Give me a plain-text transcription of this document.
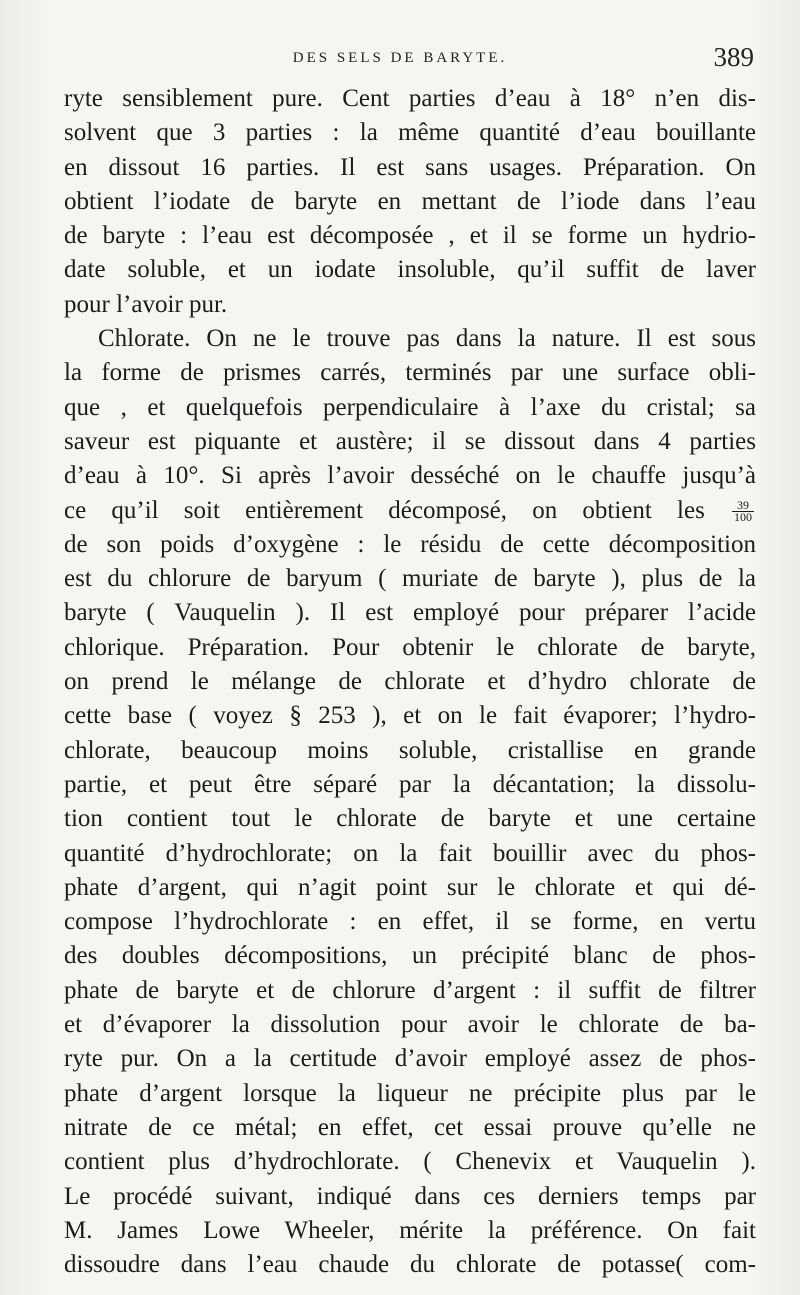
DES SELS DE BARYTE.	389
ryte sensiblement pure. Cent parties d’eau à 18° n’en dis-
solvent que 3 parties : la même quantité d’eau bouillante
en dissout 16 parties. Il est sans usages. Préparation. On
obtient l’iodate de baryte en mettant de l’iode dans l’eau
de baryte : l’eau est décomposée , et il se forme un hydrio-
date soluble, et un iodate insoluble, qu’il suffit de laver
pour l’avoir pur.
Chlorate. On ne le trouve pas dans la nature. Il est sous
la forme de prismes carrés, terminés par une surface obli-
que , et quelquefois perpendiculaire à l’axe du cristal; sa
saveur est piquante et austère; il se dissout dans 4 parties
d’eau à 10°. Si après l’avoir desséché on le chauffe jusqu’à
ce qu’il soit entièrement décomposé, on obtient les $\frac{39}{100}$
de son poids d’oxygène : le résidu de cette décomposition
est du chlorure de baryum ( muriate de baryte ), plus de la
baryte ( Vauquelin ). Il est employé pour préparer l’acide
chlorique. Préparation. Pour obtenir le chlorate de baryte,
on prend le mélange de chlorate et d’hydro chlorate de
cette base ( voyez § 253 ), et on le fait évaporer; l’hydro-
chlorate, beaucoup moins soluble, cristallise en grande
partie, et peut être séparé par la décantation; la dissolu-
tion contient tout le chlorate de baryte et une certaine
quantité d’hydrochlorate; on la fait bouillir avec du phos-
phate d’argent, qui n’agit point sur le chlorate et qui dé-
compose l’hydrochlorate : en effet, il se forme, en vertu
des doubles décompositions, un précipité blanc de phos-
phate de baryte et de chlorure d’argent : il suffit de filtrer
et d’évaporer la dissolution pour avoir le chlorate de ba-
ryte pur. On a la certitude d’avoir employé assez de phos-
phate d’argent lorsque la liqueur ne précipite plus par le
nitrate de ce métal; en effet, cet essai prouve qu’elle ne
contient plus d’hydrochlorate. ( Chenevix et Vauquelin ).
Le procédé suivant, indiqué dans ces derniers temps par
M. James Lowe Wheeler, mérite la préférence. On fait
dissoudre dans l’eau chaude du chlorate de potasse( com-
